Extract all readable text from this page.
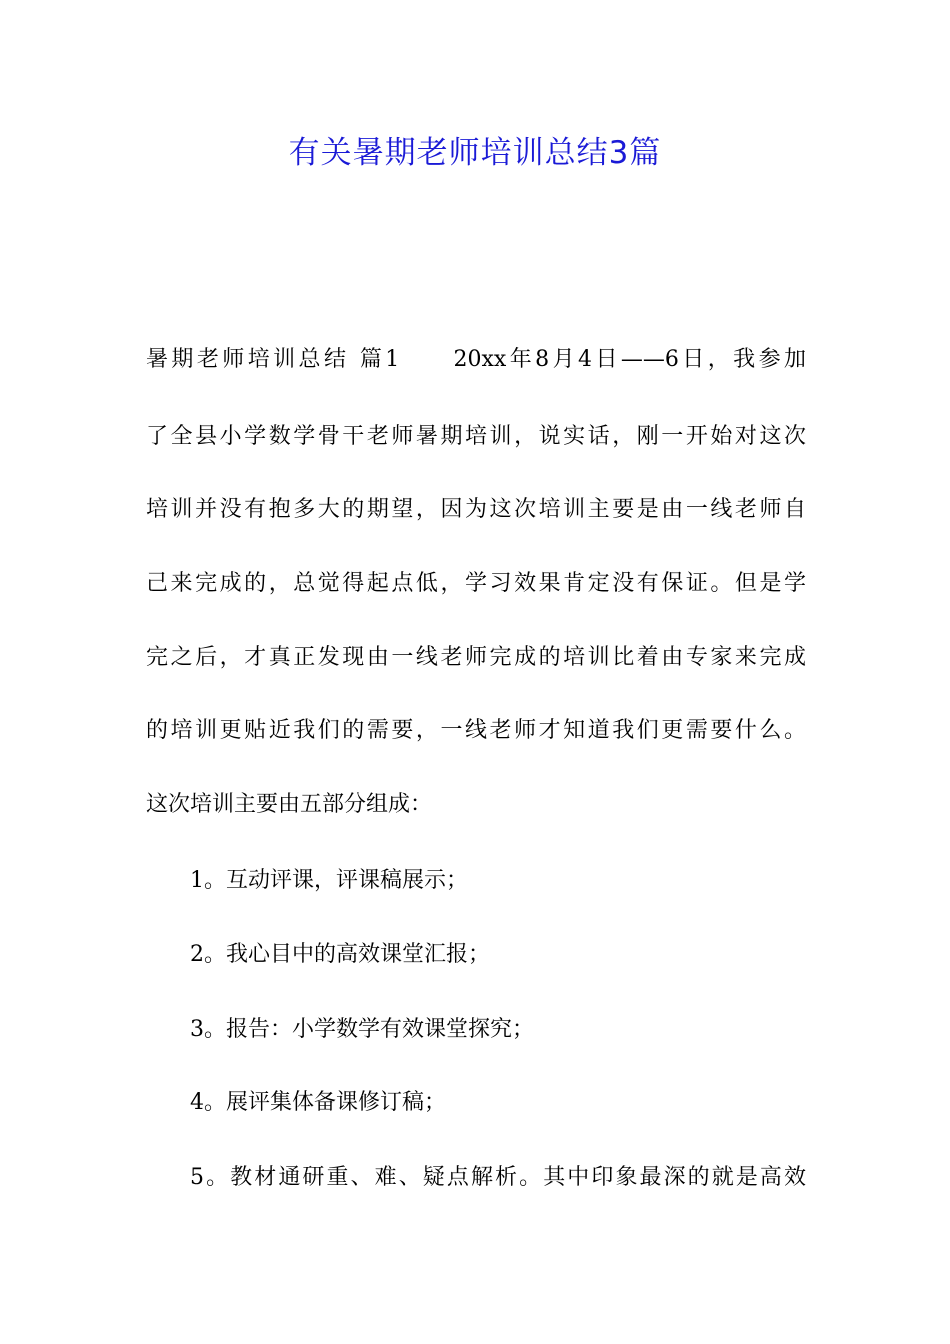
有关暑期老师培训总结3篇
暑期老师培训总结 篇1　　20xx年8月4日——6日，我参加
了全县小学数学骨干老师暑期培训，说实话，刚一开始对这次
培训并没有抱多大的期望，因为这次培训主要是由一线老师自
己来完成的，总觉得起点低，学习效果肯定没有保证。但是学
完之后，才真正发现由一线老师完成的培训比着由专家来完成
的培训更贴近我们的需要，一线老师才知道我们更需要什么。
这次培训主要由五部分组成：
1。互动评课，评课稿展示；
2。我心目中的高效课堂汇报；
3。报告：小学数学有效课堂探究；
4。展评集体备课修订稿；
5。教材通研重、难、疑点解析。其中印象最深的就是高效
